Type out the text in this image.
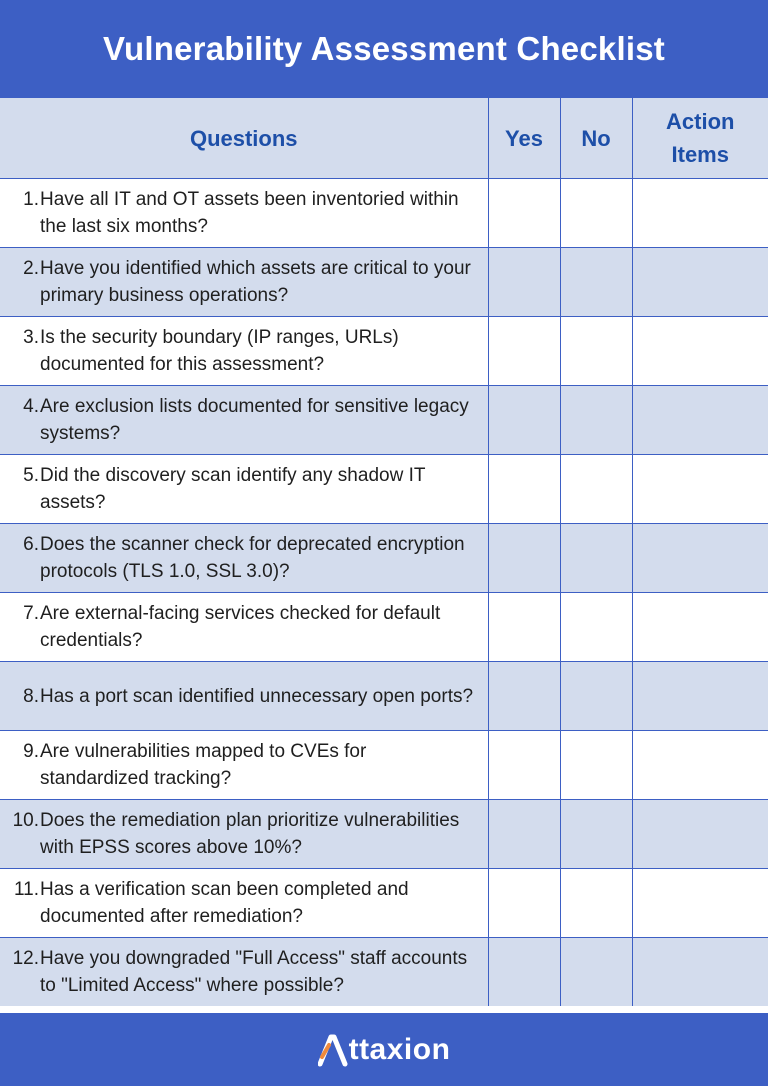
Vulnerability Assessment Checklist
Questions	Yes	No	Action
Items

1. Have all IT and OT assets been inventoried within the last six months?			

2. Have you identified which assets are critical to your primary business operations?			

3. Is the security boundary (IP ranges, URLs) documented for this assessment?			

4. Are exclusion lists documented for sensitive legacy systems?			

5. Did the discovery scan identify any shadow IT assets?			

6. Does the scanner check for deprecated encryption protocols (TLS 1.0, SSL 3.0)?			

7. Are external-facing services checked for default credentials?			

8. Has a port scan identified unnecessary open ports?			

9. Are vulnerabilities mapped to CVEs for standardized tracking?			

10. Does the remediation plan prioritize vulnerabilities with EPSS scores above 10%?			

11. Has a verification scan been completed and documented after remediation?			

12. Have you downgraded "Full Access" staff accounts to "Limited Access" where possible?			

ttaxion
